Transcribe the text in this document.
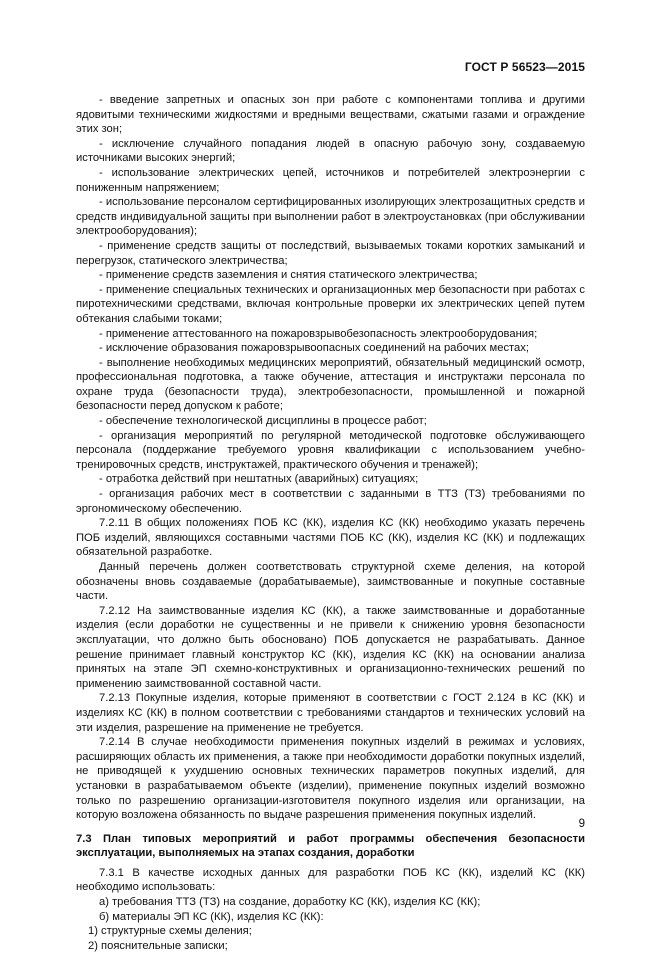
ГОСТ Р 56523—2015

- введение запретных и опасных зон при работе с компонентами топлива и другими ядовитыми техническими жидкостями и вредными веществами, сжатыми газами и ограждение этих зон;

- исключение случайного попадания людей в опасную рабочую зону, создаваемую источниками высоких энергий;

- использование электрических цепей, источников и потребителей электроэнергии с пониженным напряжением;

- использование персоналом сертифицированных изолирующих электрозащитных средств и средств индивидуальной защиты при выполнении работ в электроустановках (при обслуживании электрооборудования);

- применение средств защиты от последствий, вызываемых токами коротких замыканий и перегрузок, статического электричества;

- применение средств заземления и снятия статического электричества;

- применение специальных технических и организационных мер безопасности при работах с пиротехническими средствами, включая контрольные проверки их электрических цепей путем обтекания слабыми токами;

- применение аттестованного на пожаровзрывобезопасность электрооборудования;

- исключение образования пожаровзрывоопасных соединений на рабочих местах;

- выполнение необходимых медицинских мероприятий, обязательный медицинский осмотр, профессиональная подготовка, а также обучение, аттестация и инструктажи персонала по охране труда (безопасности труда), электробезопасности, промышленной и пожарной безопасности перед допуском к работе;

- обеспечение технологической дисциплины в процессе работ;

- организация мероприятий по регулярной методической подготовке обслуживающего персонала (поддержание требуемого уровня квалификации с использованием учебно-тренировочных средств, инструктажей, практического обучения и тренажей);

- отработка действий при нештатных (аварийных) ситуациях;

- организация рабочих мест в соответствии с заданными в ТТЗ (ТЗ) требованиями по эргономическому обеспечению.

7.2.11 В общих положениях ПОБ КС (КК), изделия КС (КК) необходимо указать перечень ПОБ изделий, являющихся составными частями ПОБ КС (КК), изделия КС (КК) и подлежащих обязательной разработке.

Данный перечень должен соответствовать структурной схеме деления, на которой обозначены вновь создаваемые (дорабатываемые), заимствованные и покупные составные части.

7.2.12 На заимствованные изделия КС (КК), а также заимствованные и доработанные изделия (если доработки не существенны и не привели к снижению уровня безопасности эксплуатации, что должно быть обосновано) ПОБ допускается не разрабатывать. Данное решение принимает главный конструктор КС (КК), изделия КС (КК) на основании анализа принятых на этапе ЭП схемно-конструктивных и организационно-технических решений по применению заимствованной составной части.

7.2.13 Покупные изделия, которые применяют в соответствии с ГОСТ 2.124 в КС (КК) и изделиях КС (КК) в полном соответствии с требованиями стандартов и технических условий на эти изделия, разрешение на применение не требуется.

7.2.14 В случае необходимости применения покупных изделий в режимах и условиях, расширяющих область их применения, а также при необходимости доработки покупных изделий, не приводящей к ухудшению основных технических параметров покупных изделий, для установки в разрабатываемом объекте (изделии), применение покупных изделий возможно только по разрешению организации-изготовителя покупного изделия или организации, на которую возложена обязанность по выдаче разрешения применения покупных изделий.

7.3 План типовых мероприятий и работ программы обеспечения безопасности эксплуатации, выполняемых на этапах создания, доработки

7.3.1 В качестве исходных данных для разработки ПОБ КС (КК), изделий КС (КК) необходимо использовать:

а) требования ТТЗ (ТЗ) на создание, доработку КС (КК), изделия КС (КК);

б) материалы ЭП КС (КК), изделия КС (КК):

1) структурные схемы деления;

2) пояснительные записки;

9
